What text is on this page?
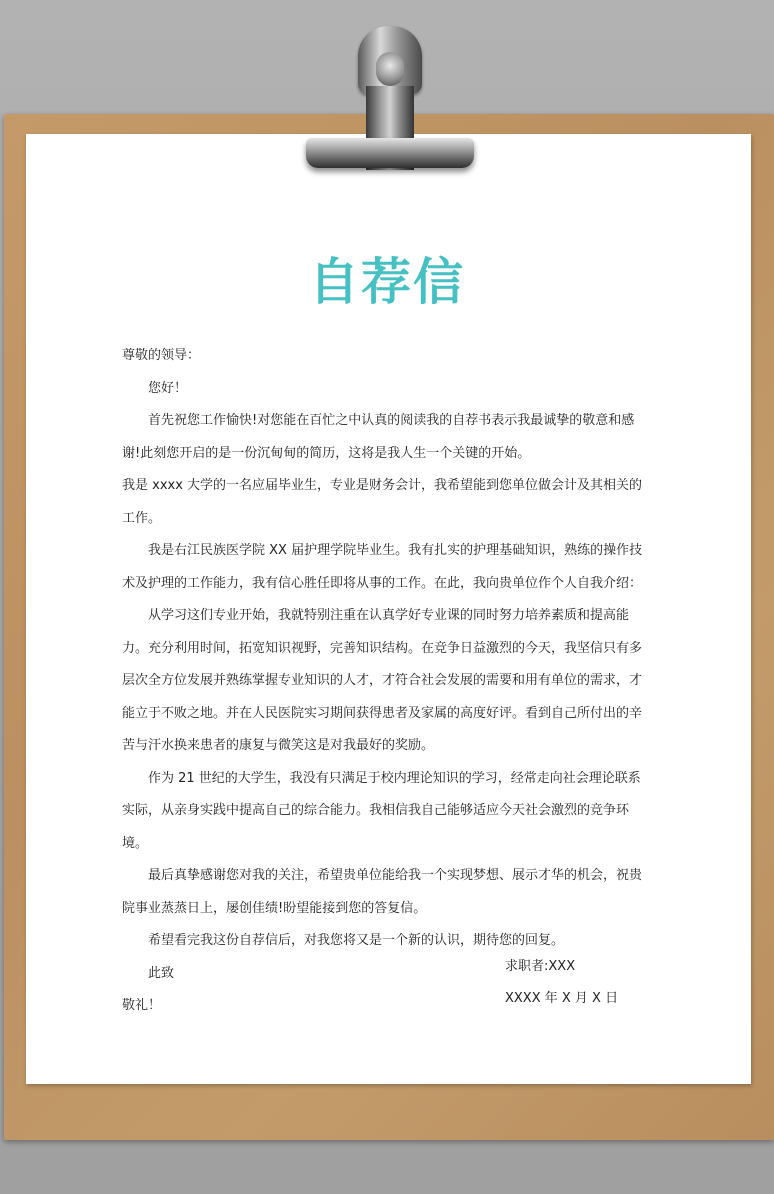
自荐信

尊敬的领导：

您好！

首先祝您工作愉快!对您能在百忙之中认真的阅读我的自荐书表示我最诚挚的敬意和感谢!此刻您开启的是一份沉甸甸的简历，这将是我人生一个关键的开始。

我是 xxxx 大学的一名应届毕业生，专业是财务会计，我希望能到您单位做会计及其相关的工作。

我是右江民族医学院 XX 届护理学院毕业生。我有扎实的护理基础知识，熟练的操作技术及护理的工作能力，我有信心胜任即将从事的工作。在此，我向贵单位作个人自我介绍：

从学习这们专业开始，我就特别注重在认真学好专业课的同时努力培养素质和提高能力。充分利用时间，拓宽知识视野，完善知识结构。在竞争日益激烈的今天，我坚信只有多层次全方位发展并熟练掌握专业知识的人才，才符合社会发展的需要和用有单位的需求，才能立于不败之地。并在人民医院实习期间获得患者及家属的高度好评。看到自己所付出的辛苦与汗水换来患者的康复与微笑这是对我最好的奖励。

作为 21 世纪的大学生，我没有只满足于校内理论知识的学习，经常走向社会理论联系实际，从亲身实践中提高自己的综合能力。我相信我自己能够适应今天社会激烈的竞争环境。

最后真挚感谢您对我的关注，希望贵单位能给我一个实现梦想、展示才华的机会，祝贵院事业蒸蒸日上，屡创佳绩!盼望能接到您的答复信。

希望看完我这份自荐信后，对我您将又是一个新的认识，期待您的回复。

此致

敬礼！

求职者:XXX
XXXX 年 X 月 X 日
